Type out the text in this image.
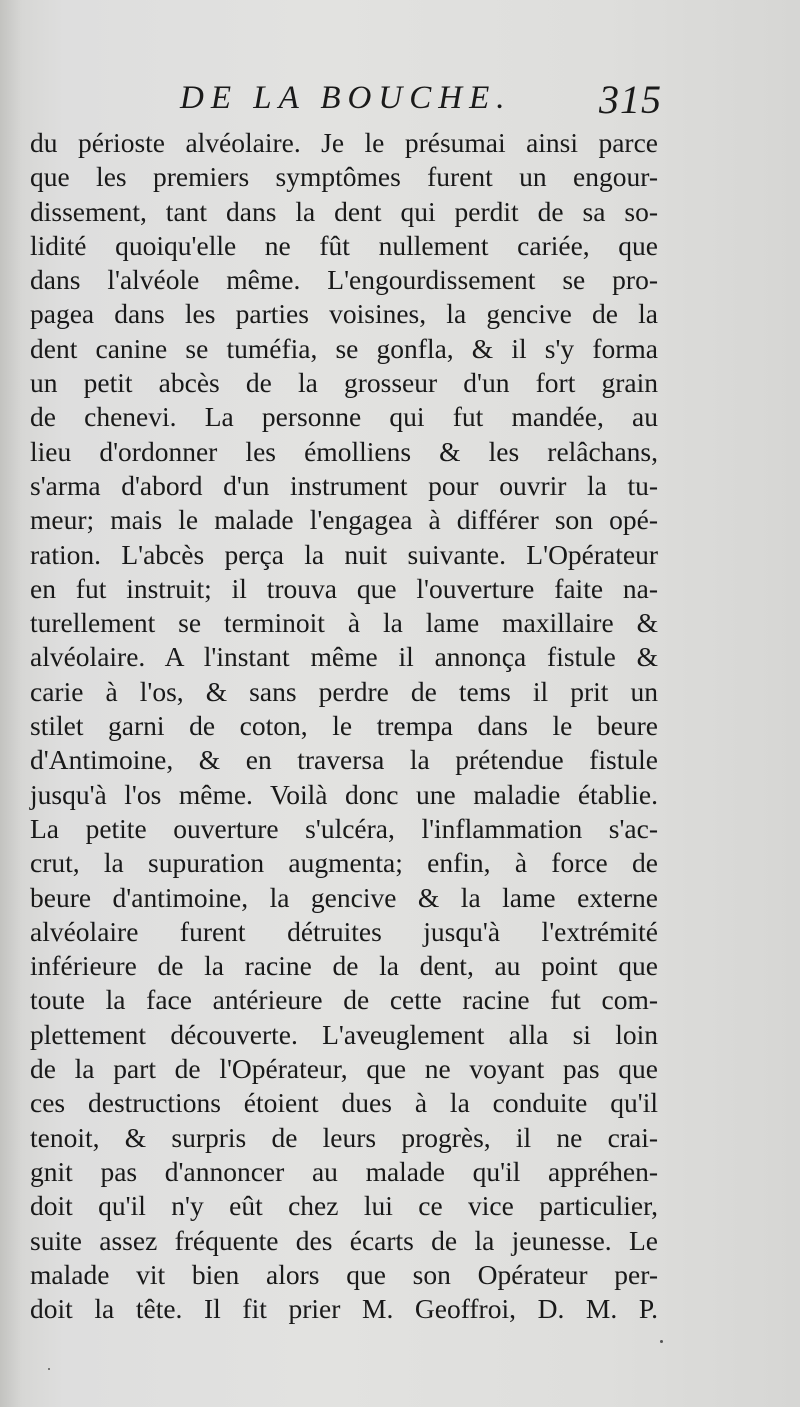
DE LA BOUCHE. 315
du périoste alvéolaire. Je le présumai ainsi parce
que les premiers symptômes furent un engour-
dissement, tant dans la dent qui perdit de sa so-
lidité quoiqu'elle ne fût nullement cariée, que
dans l'alvéole même. L'engourdissement se pro-
pagea dans les parties voisines, la gencive de la
dent canine se tuméfia, se gonfla, & il s'y forma
un petit abcès de la grosseur d'un fort grain
de chenevi. La personne qui fut mandée, au
lieu d'ordonner les émolliens & les relâchans,
s'arma d'abord d'un instrument pour ouvrir la tu-
meur; mais le malade l'engagea à différer son opé-
ration. L'abcès perça la nuit suivante. L'Opérateur
en fut instruit; il trouva que l'ouverture faite na-
turellement se terminoit à la lame maxillaire &
alvéolaire. A l'instant même il annonça fistule &
carie à l'os, & sans perdre de tems il prit un
stilet garni de coton, le trempa dans le beure
d'Antimoine, & en traversa la prétendue fistule
jusqu'à l'os même. Voilà donc une maladie établie.
La petite ouverture s'ulcéra, l'inflammation s'ac-
crut, la supuration augmenta; enfin, à force de
beure d'antimoine, la gencive & la lame externe
alvéolaire furent détruites jusqu'à l'extrémité
inférieure de la racine de la dent, au point que
toute la face antérieure de cette racine fut com-
plettement découverte. L'aveuglement alla si loin
de la part de l'Opérateur, que ne voyant pas que
ces destructions étoient dues à la conduite qu'il
tenoit, & surpris de leurs progrès, il ne crai-
gnit pas d'annoncer au malade qu'il appréhen-
doit qu'il n'y eût chez lui ce vice particulier,
suite assez fréquente des écarts de la jeunesse. Le
malade vit bien alors que son Opérateur per-
doit la tête. Il fit prier M. Geoffroi, D. M. P.
